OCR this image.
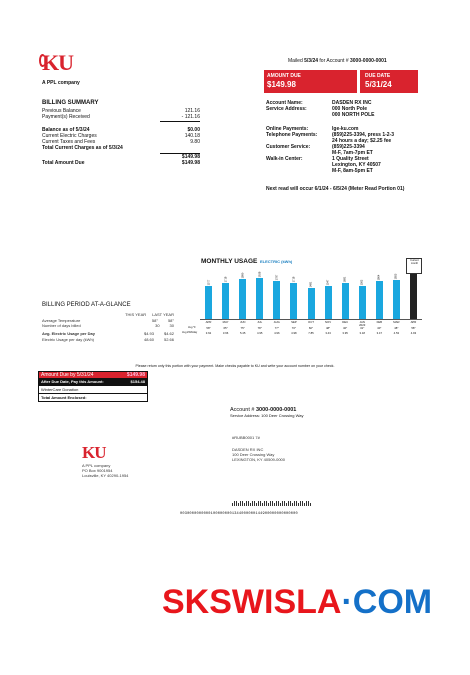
KU
A PPL company
Mailed 5/3/24 for Account # 3000-0000-0001
AMOUNT DUE
$149.98
DUE DATE
5/31/24
BILLING SUMMARY
Previous Balance	121.16
Payment(s) Received	- 121.16
Balance as of 5/3/24	$0.00
Current Electric Charges	140.18
Current Taxes and Fees	9.80
Total Current Charges as of 5/3/24
$149.98
Total Amount Due	$149.98
Account Name:	DASDEN RX INC
Service Address:	000 North Pole
000 NORTH POLE
Online Payments:	lge-ku.com
Telephone Payments:	(859)225-3394, press 1-2-3
24 hours a day; $2.25 fee
Customer Service:	(859)225-3394
M-F, 7am-7pm ET
Walk-in Center:	1 Quality Street
Lexington, KY 40507
M-F, 8am-5pm ET
Next read will occur 6/1/24 - 6/5/24 (Meter Read Portion 01)
MONTHLY USAGE ELECTRIC (kWh)
1577
1718
1890	1928
1787	1718
1481	1547	1681	1562
1804	1855
Current month
APR
58°
3.62
MAY
65°
3.66
JUN
75°
5.45
JUL
78°
4.95
AUG
77°
4.96
SEP
70°
4.98
OCT
60°
7.85
NOV
48°
3.43
DEC
40°
3.95
JAN
31°
3.18
FEB
40°
3.47
MAR
48°
4.53
APR
58°
4.93
2023
Avg °F
Avg kWh/day
BILLING PERIOD AT-A-GLANCE
THIS YEAR LAST YEAR
Average Temperature	58°	58°
Number of days billed	30	30
Avg. Electric Usage per Day	$4.93	$4.62
Electric Usage per day (kWh)	48.60	52.66
Please return only this portion with your payment. Make checks payable to KU and write your account number on your check.
Amount Due by 5/31/24	$149.98
After Due Date, Pay this Amount:	$154.48
WinterCare Donation
Total Amount Enclosed:
Account # 3000-0000-0001
Service Address: 100 Deer Crossing Way
KU
A PPL company
PO Box 9001954
Louisville, KY 40290-1954
#RUBB0001 7#
DASDEN RX INC
100 Deer Crossing Way
LEXINGTON, KY 40509-0000
00300000000001000000001344000000144900000000000000
SKSWISLA·COM
